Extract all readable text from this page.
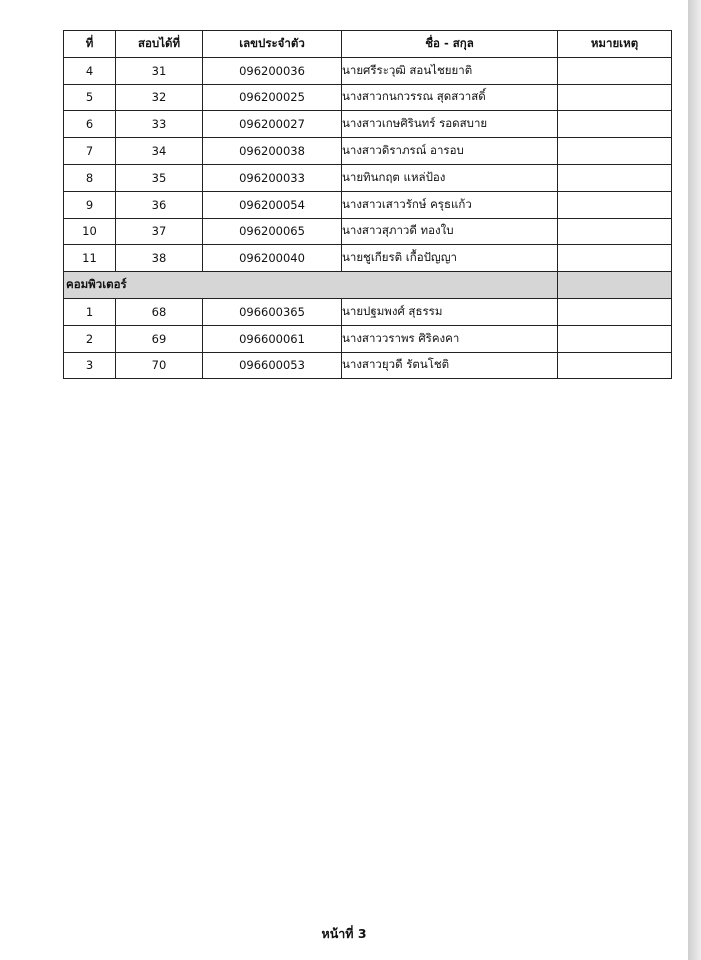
ที่	สอบได้ที่	เลขประจำตัว	ชื่อ - สกุล	หมายเหตุ
4	31	096200036	นายศรีระวุฒิ สอนไชยยาติ	
5	32	096200025	นางสาวกนกวรรณ สุดสวาสดิ์	
6	33	096200027	นางสาวเกษศิรินทร์ รอดสบาย	
7	34	096200038	นางสาวดิราภรณ์ อารอบ	
8	35	096200033	นายทินกฤต แหล่ป้อง	
9	36	096200054	นางสาวเสาวรักษ์ ครุธแก้ว	
10	37	096200065	นางสาวสุภาวดี ทองใบ	
11	38	096200040	นายชูเกียรติ เกื้อปัญญา	
คอมพิวเตอร์				
1	68	096600365	นายปฐมพงศ์ สุธรรม	
2	69	096600061	นางสาววราพร ศิริคงคา	
3	70	096600053	นางสาวยุวดี รัตนโชติ	
หน้าที่ 3
